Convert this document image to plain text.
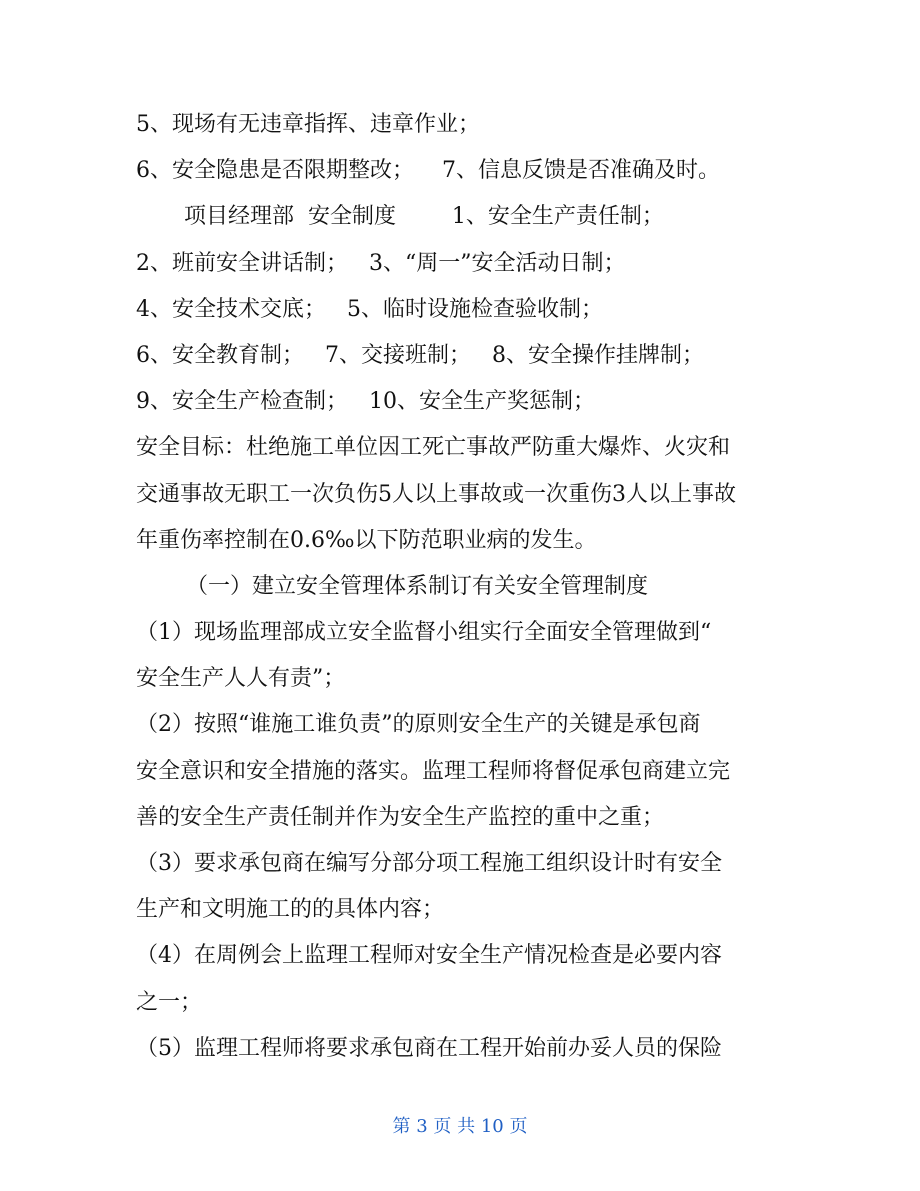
5、现场有无违章指挥、违章作业；
6、安全隐患是否限期整改；    7、信息反馈是否准确及时。
项目经理部  安全制度        1、安全生产责任制；
2、班前安全讲话制；   3、“周一”安全活动日制；
4、安全技术交底；   5、临时设施检查验收制；
6、安全教育制；   7、交接班制；   8、安全操作挂牌制；
9、安全生产检查制；   10、安全生产奖惩制；
安全目标：杜绝施工单位因工死亡事故严防重大爆炸、火灾和
交通事故无职工一次负伤5人以上事故或一次重伤3人以上事故
年重伤率控制在0.6‰以下防范职业病的发生。
（一）建立安全管理体系制订有关安全管理制度
（1）现场监理部成立安全监督小组实行全面安全管理做到“
安全生产人人有责”；
（2）按照“谁施工谁负责”的原则安全生产的关键是承包商
安全意识和安全措施的落实。监理工程师将督促承包商建立完
善的安全生产责任制并作为安全生产监控的重中之重；
（3）要求承包商在编写分部分项工程施工组织设计时有安全
生产和文明施工的的具体内容；
（4）在周例会上监理工程师对安全生产情况检查是必要内容
之一；
（5）监理工程师将要求承包商在工程开始前办妥人员的保险
第 3 页 共 10 页
